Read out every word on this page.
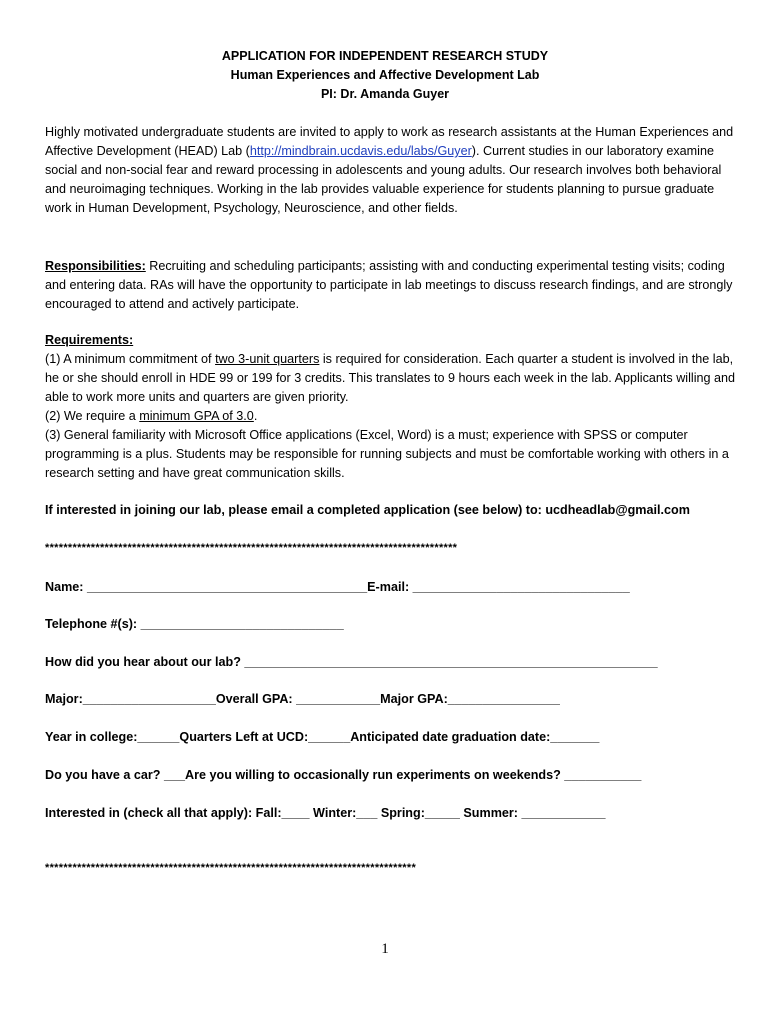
APPLICATION FOR INDEPENDENT RESEARCH STUDY
Human Experiences and Affective Development Lab
PI: Dr. Amanda Guyer
Highly motivated undergraduate students are invited to apply to work as research assistants at the Human Experiences and Affective Development (HEAD) Lab (http://mindbrain.ucdavis.edu/labs/Guyer). Current studies in our laboratory examine social and non-social fear and reward processing in adolescents and young adults. Our research involves both behavioral and neuroimaging techniques. Working in the lab provides valuable experience for students planning to pursue graduate work in Human Development, Psychology, Neuroscience, and other fields.
Responsibilities: Recruiting and scheduling participants; assisting with and conducting experimental testing visits; coding and entering data. RAs will have the opportunity to participate in lab meetings to discuss research findings, and are strongly encouraged to attend and actively participate.
Requirements:
(1) A minimum commitment of two 3-unit quarters is required for consideration. Each quarter a student is involved in the lab, he or she should enroll in HDE 99 or 199 for 3 credits. This translates to 9 hours each week in the lab. Applicants willing and able to work more units and quarters are given priority.
(2) We require a minimum GPA of 3.0.
(3) General familiarity with Microsoft Office applications (Excel, Word) is a must; experience with SPSS or computer programming is a plus. Students may be responsible for running subjects and must be comfortable working with others in a research setting and have great communication skills.
If interested in joining our lab, please email a completed application (see below) to: ucdheadlab@gmail.com
******************************************************************************************
Name: ________________________________________E-mail: _______________________________
Telephone #(s): _____________________________
How did you hear about our lab? ___________________________________________________________
Major:___________________Overall GPA: ____________Major GPA:________________
Year in college:______Quarters Left at UCD:______Anticipated date graduation date:_______
Do you have a car? ___Are you willing to occasionally run experiments on weekends? ___________
Interested in (check all that apply): Fall:____ Winter:___ Spring:_____ Summer: ____________
*********************************************************************************
1
